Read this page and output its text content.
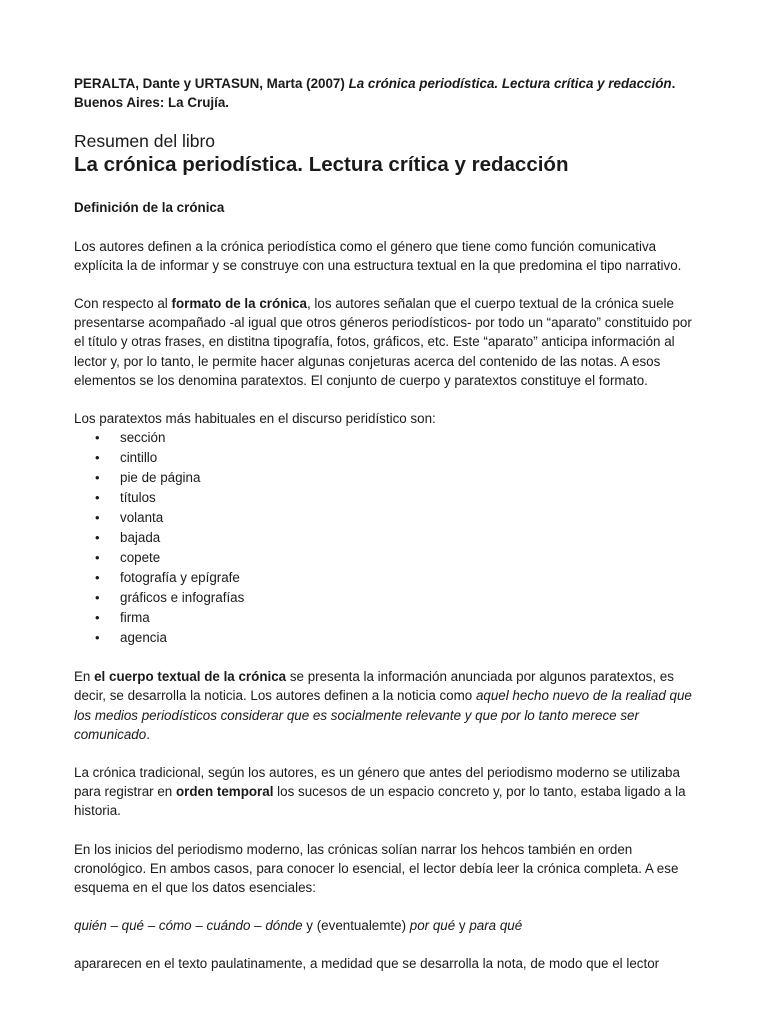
PERALTA, Dante y URTASUN, Marta (2007) La crónica periodística. Lectura crítica y redacción. Buenos Aires: La Crujía.

Resumen del libro

La crónica periodística. Lectura crítica y redacción

Definición de la crónica

Los autores definen a la crónica periodística como el género que tiene como función comunicativa explícita la de informar y se construye con una estructura textual en la que predomina el tipo narrativo.

Con respecto al formato de la crónica, los autores señalan que el cuerpo textual de la crónica suele presentarse acompañado -al igual que otros géneros periodísticos- por todo un “aparato” constituido por el título y otras frases, en distitna tipografía, fotos, gráficos, etc. Este “aparato” anticipa información al lector y, por lo tanto, le permite hacer algunas conjeturas acerca del contenido de las notas. A esos elementos se los denomina paratextos. El conjunto de cuerpo y paratextos constituye el formato.

Los paratextos más habituales en el discurso peridístico son:

• sección
• cintillo
• pie de página
• títulos
• volanta
• bajada
• copete
• fotografía y epígrafe
• gráficos e infografías
• firma
• agencia

En el cuerpo textual de la crónica se presenta la información anunciada por algunos paratextos, es decir, se desarrolla la noticia. Los autores definen a la noticia como aquel hecho nuevo de la realiad que los medios periodísticos considerar que es socialmente relevante y que por lo tanto merece ser comunicado.

La crónica tradicional, según los autores, es un género que antes del periodismo moderno se utilizaba para registrar en orden temporal los sucesos de un espacio concreto y, por lo tanto, estaba ligado a la historia.

En los inicios del periodismo moderno, las crónicas solían narrar los hehcos también en orden cronológico. En ambos casos, para conocer lo esencial, el lector debía leer la crónica completa. A ese esquema en el que los datos esenciales:

quién – qué – cómo – cuándo – dónde y (eventualemte) por qué y para qué

apararecen en el texto paulatinamente, a medidad que se desarrolla la nota, de modo que el lector
